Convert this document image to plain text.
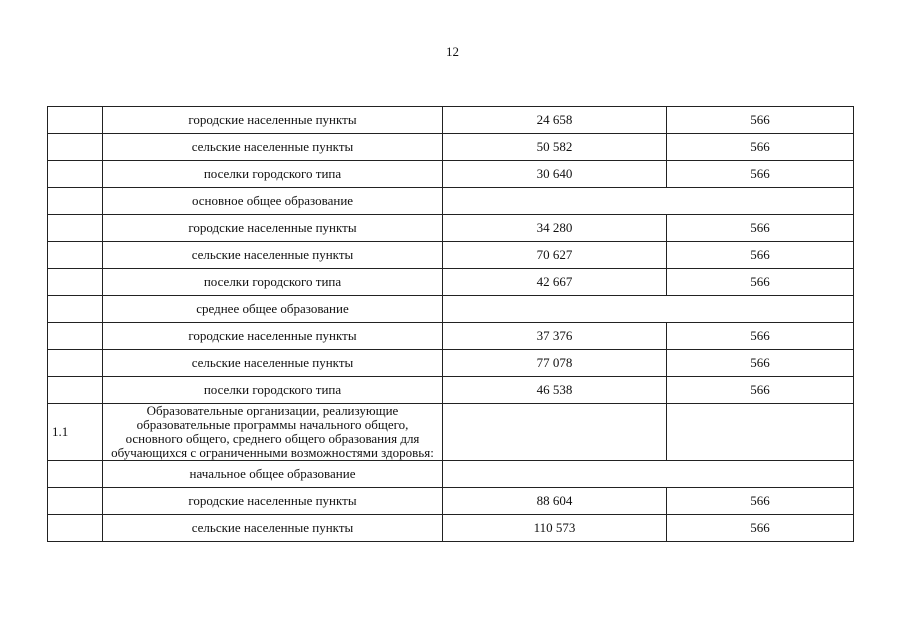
12
	городские населенные пункты	24 658	566
	сельские населенные пункты	50 582	566
	поселки городского типа	30 640	566
	основное общее образование		
	городские населенные пункты	34 280	566
	сельские населенные пункты	70 627	566
	поселки городского типа	42 667	566
	среднее общее образование		
	городские населенные пункты	37 376	566
	сельские населенные пункты	77 078	566
	поселки городского типа	46 538	566
1.1	Образовательные организации, реализующие образовательные программы начального общего, основного общего, среднего общего образования для обучающихся с ограниченными возможностями здоровья:		
	начальное общее образование		
	городские населенные пункты	88 604	566
	сельские населенные пункты	110 573	566
